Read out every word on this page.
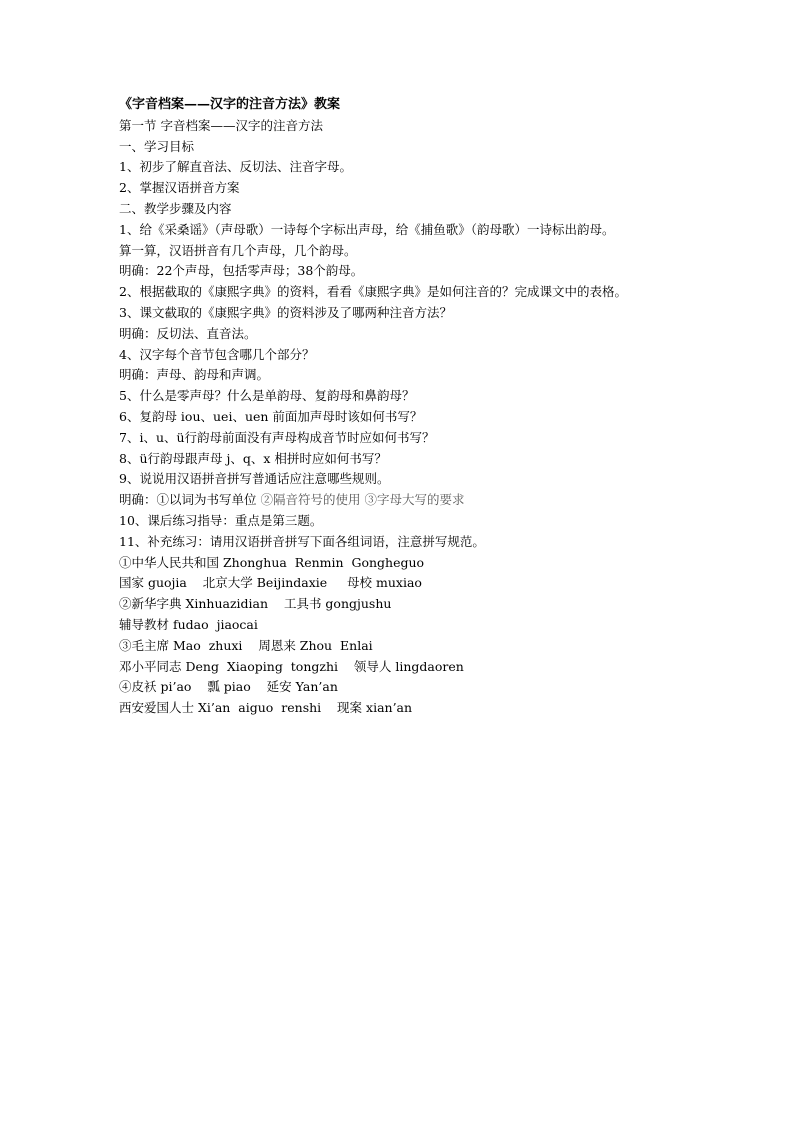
《字音档案——汉字的注音方法》教案
第一节 字音档案——汉字的注音方法
一、学习目标
1、初步了解直音法、反切法、注音字母。
2、掌握汉语拼音方案
二、教学步骤及内容
1、给《采桑谣》（声母歌）一诗每个字标出声母，给《捕鱼歌》（韵母歌）一诗标出韵母。
算一算，汉语拼音有几个声母，几个韵母。
明确：22个声母，包括零声母；38个韵母。
2、根据截取的《康熙字典》的资料，看看《康熙字典》是如何注音的？完成课文中的表格。
3、课文截取的《康熙字典》的资料涉及了哪两种注音方法？
明确：反切法、直音法。
4、汉字每个音节包含哪几个部分？
明确：声母、韵母和声调。
5、什么是零声母？什么是单韵母、复韵母和鼻韵母？
6、复韵母 iou、uei、uen 前面加声母时该如何书写？
7、i、u、ü行韵母前面没有声母构成音节时应如何书写？
8、ü行韵母跟声母 j、q、x 相拼时应如何书写？
9、说说用汉语拼音拼写普通话应注意哪些规则。
明确：①以词为书写单位 ②隔音符号的使用 ③字母大写的要求
10、课后练习指导：重点是第三题。
11、补充练习：请用汉语拼音拼写下面各组词语，注意拼写规范。
①中华人民共和国 Zhonghua  Renmin  Gongheguo
国家 guojia    北京大学 Beijindaxie     母校 muxiao
②新华字典 Xinhuazidian    工具书 gongjushu
辅导教材 fudao  jiaocai
③毛主席 Mao  zhuxi    周恩来 Zhou  Enlai
邓小平同志 Deng  Xiaoping  tongzhi    领导人 lingdaoren
④皮袄 pi’ao    瓢 piao    延安 Yan’an
西安爱国人士 Xi’an  aiguo  renshi    现案 xian’an
